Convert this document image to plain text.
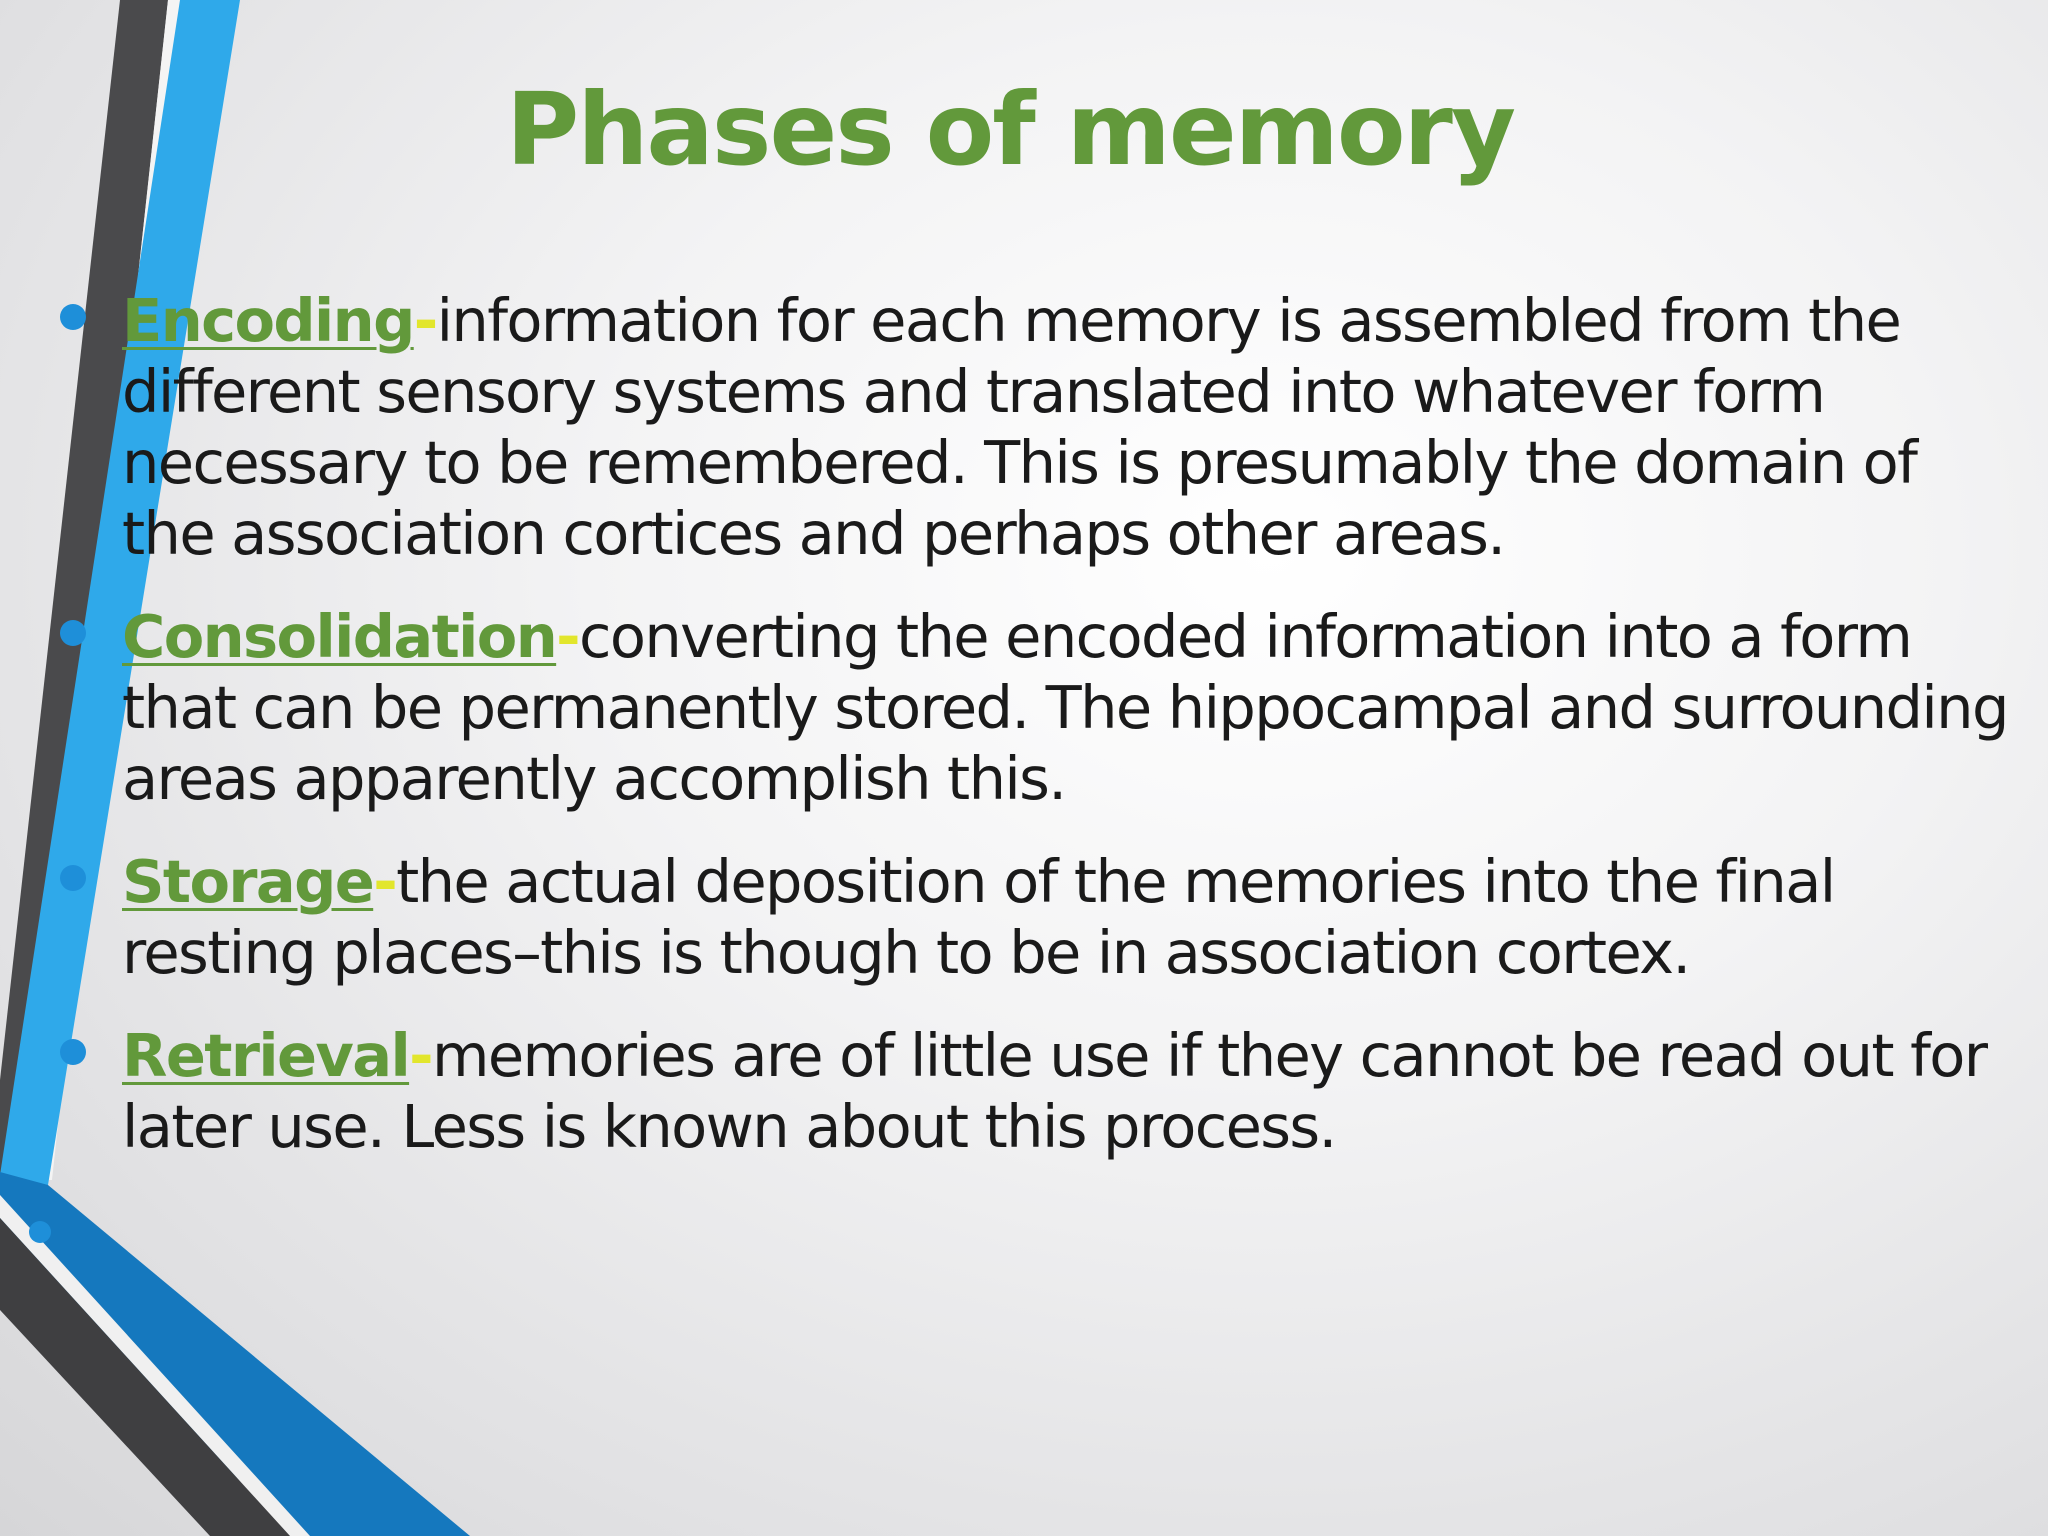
Phases of memory
Encoding-information for each memory is assembled from the different sensory systems and translated into whatever form necessary to be remembered. This is presumably the domain of the association cortices and perhaps other areas.
Consolidation-converting the encoded information into a form that can be permanently stored. The hippocampal and surrounding areas apparently accomplish this.
Storage-the actual deposition of the memories into the final resting places–this is though to be in association cortex.
Retrieval-memories are of little use if they cannot be read out for later use. Less is known about this process.
